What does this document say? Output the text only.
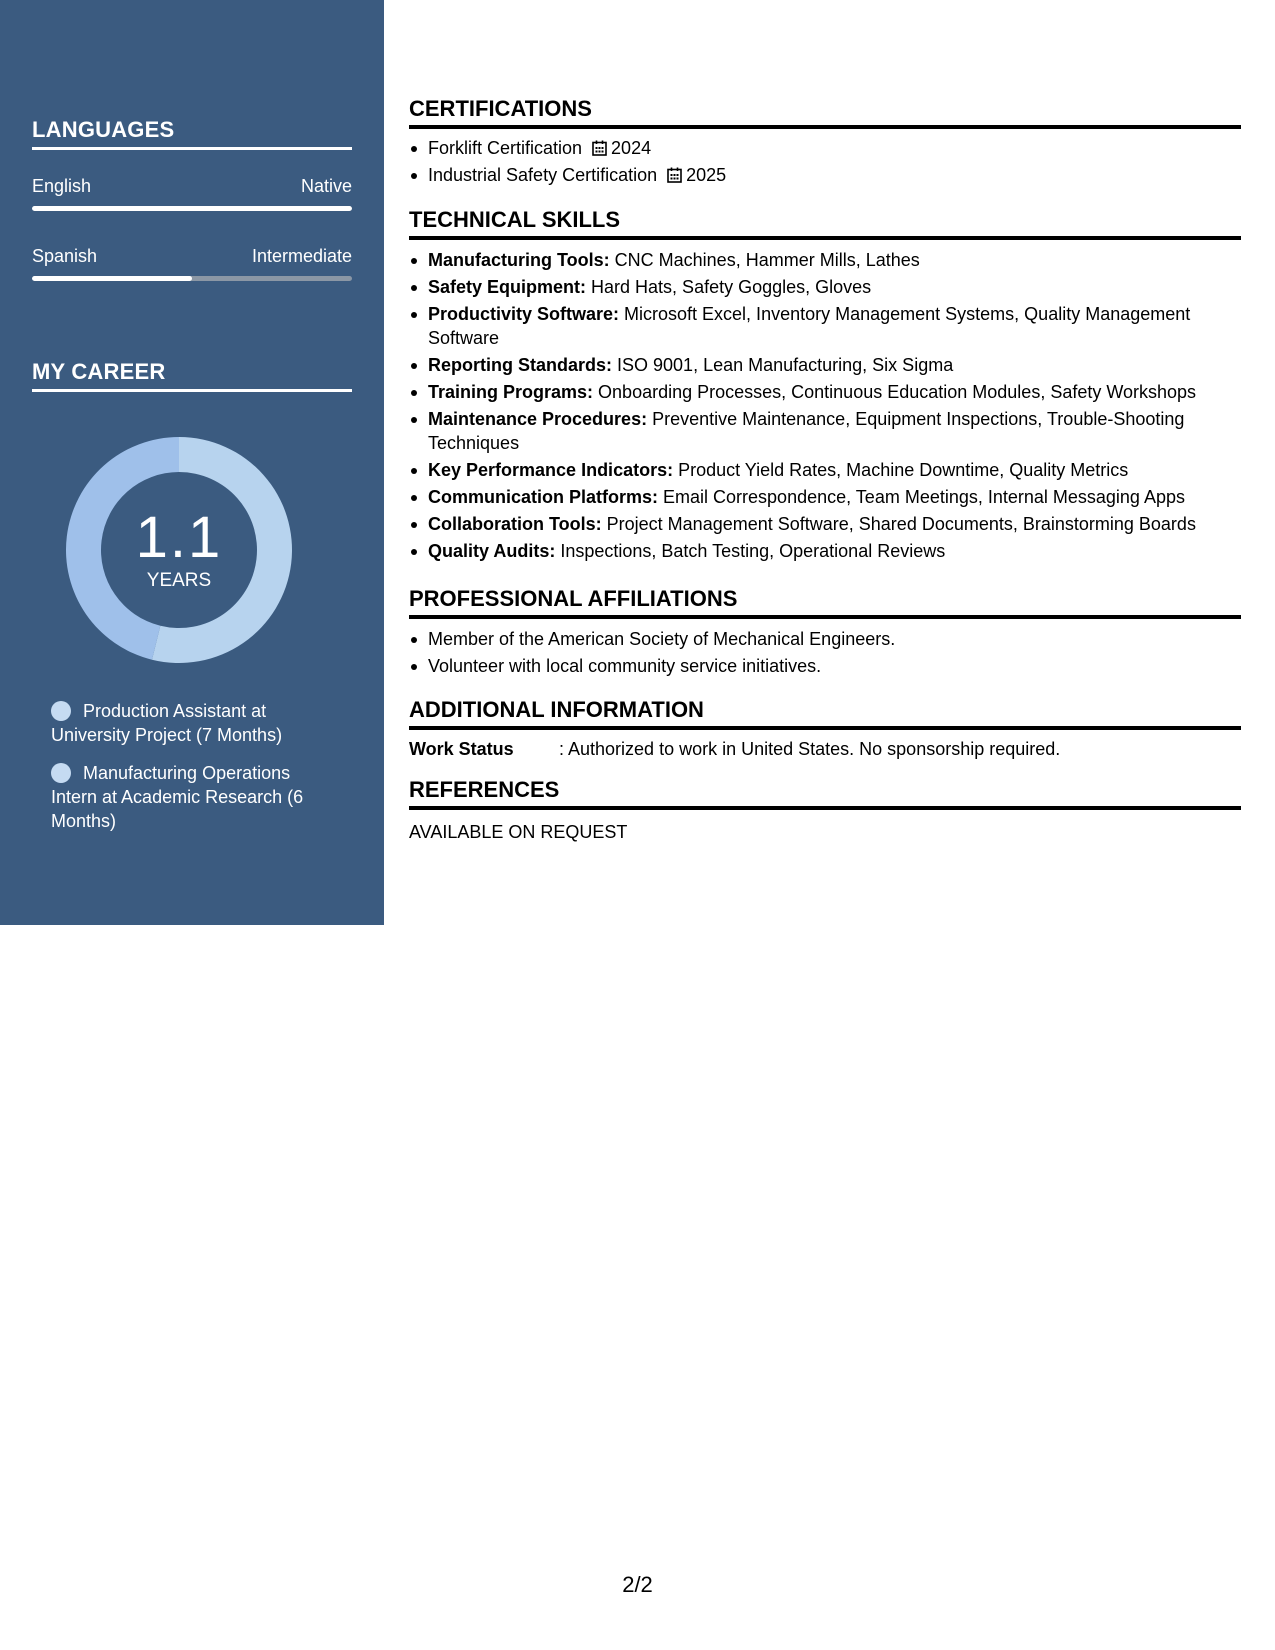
LANGUAGES
English	Native
Spanish	Intermediate
MY CAREER
1.1
YEARS
Production Assistant at University Project (7 Months)
Manufacturing Operations Intern at Academic Research (6 Months)
CERTIFICATIONS
Forklift Certification 2024
Industrial Safety Certification 2025
TECHNICAL SKILLS
Manufacturing Tools: CNC Machines, Hammer Mills, Lathes
Safety Equipment: Hard Hats, Safety Goggles, Gloves
Productivity Software: Microsoft Excel, Inventory Management Systems, Quality Management Software
Reporting Standards: ISO 9001, Lean Manufacturing, Six Sigma
Training Programs: Onboarding Processes, Continuous Education Modules, Safety Workshops
Maintenance Procedures: Preventive Maintenance, Equipment Inspections, Trouble-Shooting Techniques
Key Performance Indicators: Product Yield Rates, Machine Downtime, Quality Metrics
Communication Platforms: Email Correspondence, Team Meetings, Internal Messaging Apps
Collaboration Tools: Project Management Software, Shared Documents, Brainstorming Boards
Quality Audits: Inspections, Batch Testing, Operational Reviews
PROFESSIONAL AFFILIATIONS
Member of the American Society of Mechanical Engineers.
Volunteer with local community service initiatives.
ADDITIONAL INFORMATION
Work Status	: Authorized to work in United States. No sponsorship required.
REFERENCES
AVAILABLE ON REQUEST
2/2
